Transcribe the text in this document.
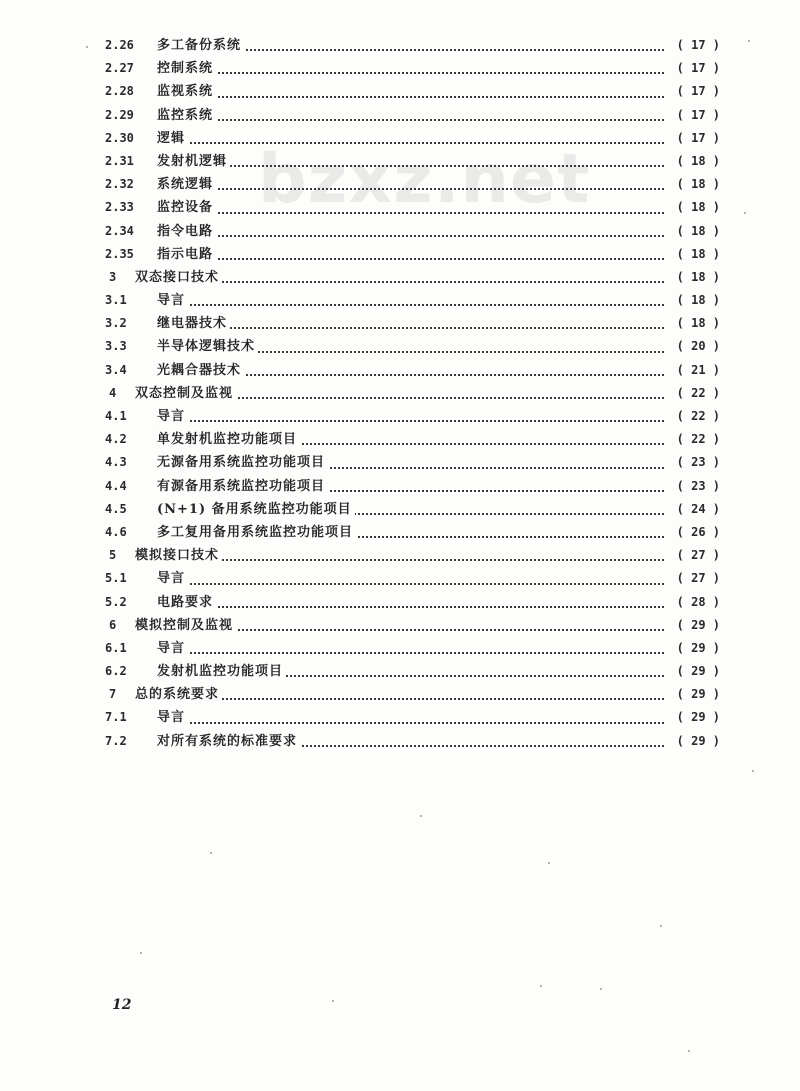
bzxz.net
2.26 多工备份系统	( 17 )
2.27 控制系统	( 17 )
2.28 监视系统	( 17 )
2.29 监控系统	( 17 )
2.30 逻辑	( 17 )
2.31 发射机逻辑	( 18 )
2.32 系统逻辑	( 18 )
2.33 监控设备	( 18 )
2.34 指令电路	( 18 )
2.35 指示电路	( 18 )
3 双态接口技术	( 18 )
3.1 导言	( 18 )
3.2 继电器技术	( 18 )
3.3 半导体逻辑技术	( 20 )
3.4 光耦合器技术	( 21 )
4 双态控制及监视	( 22 )
4.1 导言	( 22 )
4.2 单发射机监控功能项目	( 22 )
4.3 无源备用系统监控功能项目	( 23 )
4.4 有源备用系统监控功能项目	( 23 )
4.5 (N+1) 备用系统监控功能项目	( 24 )
4.6 多工复用备用系统监控功能项目	( 26 )
5 模拟接口技术	( 27 )
5.1 导言	( 27 )
5.2 电路要求	( 28 )
6 模拟控制及监视	( 29 )
6.1 导言	( 29 )
6.2 发射机监控功能项目	( 29 )
7 总的系统要求	( 29 )
7.1 导言	( 29 )
7.2 对所有系统的标准要求	( 29 )
12
